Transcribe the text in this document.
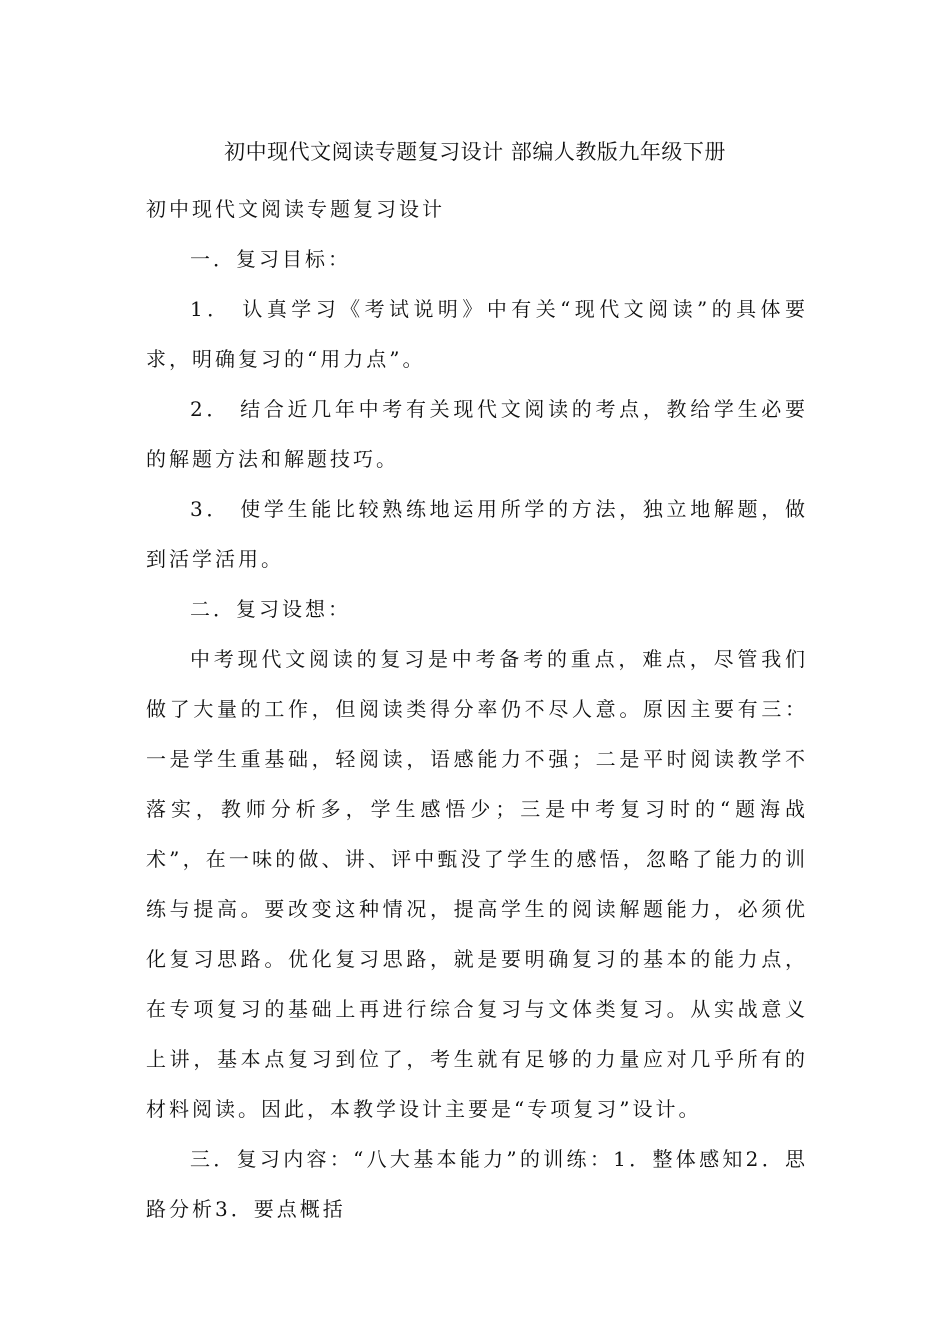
初中现代文阅读专题复习设计 部编人教版九年级下册

初中现代文阅读专题复习设计

一．复习目标：

1． 认真学习《考试说明》中有关“现代文阅读”的具体要求，明确复习的“用力点”。

2． 结合近几年中考有关现代文阅读的考点，教给学生必要的解题方法和解题技巧。

3． 使学生能比较熟练地运用所学的方法，独立地解题，做到活学活用。

二．复习设想：

中考现代文阅读的复习是中考备考的重点，难点，尽管我们做了大量的工作，但阅读类得分率仍不尽人意。原因主要有三：一是学生重基础，轻阅读，语感能力不强；二是平时阅读教学不落实，教师分析多，学生感悟少；三是中考复习时的“题海战术”，在一味的做、讲、评中甄没了学生的感悟，忽略了能力的训练与提高。要改变这种情况，提高学生的阅读解题能力，必须优化复习思路。优化复习思路，就是要明确复习的基本的能力点，在专项复习的基础上再进行综合复习与文体类复习。从实战意义上讲，基本点复习到位了，考生就有足够的力量应对几乎所有的材料阅读。因此，本教学设计主要是“专项复习”设计。

三．复习内容：“八大基本能力”的训练：1．整体感知2．思路分析3．要点概括
